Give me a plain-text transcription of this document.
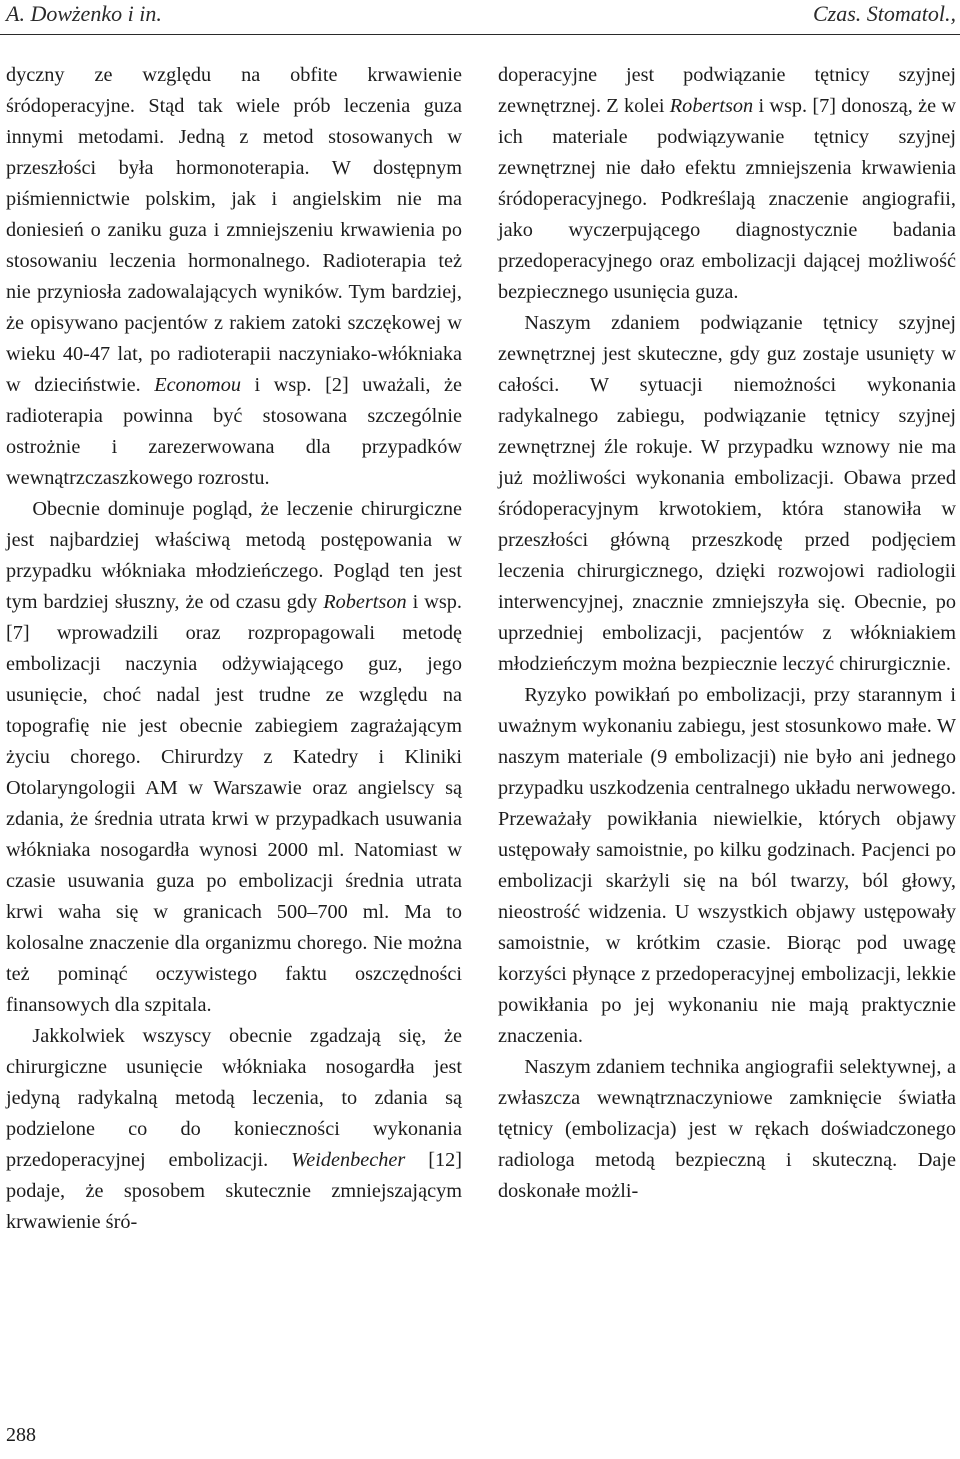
A. Dowżenko i in.	Czas. Stomatol.,

dyczny ze względu na obfite krwawienie śródoperacyjne. Stąd tak wiele prób leczenia guza innymi metodami. Jedną z metod stosowanych w przeszłości była hormonoterapia. W dostępnym piśmiennictwie polskim, jak i angielskim nie ma doniesień o zaniku guza i zmniejszeniu krwawienia po stosowaniu leczenia hormonalnego. Radioterapia też nie przyniosła zadowalających wyników. Tym bardziej, że opisywano pacjentów z rakiem zatoki szczękowej w wieku 40-47 lat, po radioterapii naczyniako-włókniaka w dzieciństwie. Economou i wsp. [2] uważali, że radioterapia powinna być stosowana szczególnie ostrożnie i zarezerwowana dla przypadków wewnątrzczaszkowego rozrostu.

Obecnie dominuje pogląd, że leczenie chirurgiczne jest najbardziej właściwą metodą postępowania w przypadku włókniaka młodzieńczego. Pogląd ten jest tym bardziej słuszny, że od czasu gdy Robertson i wsp. [7] wprowadzili oraz rozpropagowali metodę embolizacji naczynia odżywiającego guz, jego usunięcie, choć nadal jest trudne ze względu na topografię nie jest obecnie zabiegiem zagrażającym życiu chorego. Chirurdzy z Katedry i Kliniki Otolaryngologii AM w Warszawie oraz angielscy są zdania, że średnia utrata krwi w przypadkach usuwania włókniaka nosogardła wynosi 2000 ml. Natomiast w czasie usuwania guza po embolizacji średnia utrata krwi waha się w granicach 500–700 ml. Ma to kolosalne znaczenie dla organizmu chorego. Nie można też pominąć oczywistego faktu oszczędności finansowych dla szpitala.

Jakkolwiek wszyscy obecnie zgadzają się, że chirurgiczne usunięcie włókniaka nosogardła jest jedyną radykalną metodą leczenia, to zdania są podzielone co do konieczności wykonania przedoperacyjnej embolizacji. Weidenbecher [12] podaje, że sposobem skutecznie zmniejszającym krwawienie śró-

doperacyjne jest podwiązanie tętnicy szyjnej zewnętrznej. Z kolei Robertson i wsp. [7] donoszą, że w ich materiale podwiązywanie tętnicy szyjnej zewnętrznej nie dało efektu zmniejszenia krwawienia śródoperacyjnego. Podkreślają znaczenie angiografii, jako wyczerpującego diagnostycznie badania przedoperacyjnego oraz embolizacji dającej możliwość bezpiecznego usunięcia guza.

Naszym zdaniem podwiązanie tętnicy szyjnej zewnętrznej jest skuteczne, gdy guz zostaje usunięty w całości. W sytuacji niemożności wykonania radykalnego zabiegu, podwiązanie tętnicy szyjnej zewnętrznej źle rokuje. W przypadku wznowy nie ma już możliwości wykonania embolizacji. Obawa przed śródoperacyjnym krwotokiem, która stanowiła w przeszłości główną przeszkodę przed podjęciem leczenia chirurgicznego, dzięki rozwojowi radiologii interwencyjnej, znacznie zmniejszyła się. Obecnie, po uprzedniej embolizacji, pacjentów z włókniakiem młodzieńczym można bezpiecznie leczyć chirurgicznie.

Ryzyko powikłań po embolizacji, przy starannym i uważnym wykonaniu zabiegu, jest stosunkowo małe. W naszym materiale (9 embolizacji) nie było ani jednego przypadku uszkodzenia centralnego układu nerwowego. Przeważały powikłania niewielkie, których objawy ustępowały samoistnie, po kilku godzinach. Pacjenci po embolizacji skarżyli się na ból twarzy, ból głowy, nieostrość widzenia. U wszystkich objawy ustępowały samoistnie, w krótkim czasie. Biorąc pod uwagę korzyści płynące z przedoperacyjnej embolizacji, lekkie powikłania po jej wykonaniu nie mają praktycznie znaczenia.

Naszym zdaniem technika angiografii selektywnej, a zwłaszcza wewnątrznaczyniowe zamknięcie światła tętnicy (embolizacja) jest w rękach doświadczonego radiologa metodą bezpieczną i skuteczną. Daje doskonałe możli-

288
